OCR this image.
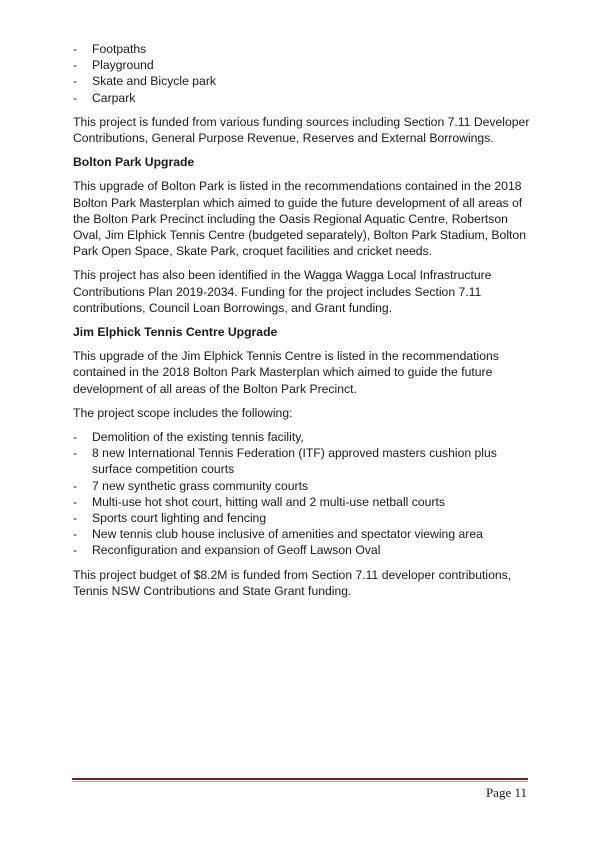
- Footpaths
- Playground
- Skate and Bicycle park
- Carpark

This project is funded from various funding sources including Section 7.11 Developer Contributions, General Purpose Revenue, Reserves and External Borrowings.

Bolton Park Upgrade

This upgrade of Bolton Park is listed in the recommendations contained in the 2018 Bolton Park Masterplan which aimed to guide the future development of all areas of the Bolton Park Precinct including the Oasis Regional Aquatic Centre, Robertson Oval, Jim Elphick Tennis Centre (budgeted separately), Bolton Park Stadium, Bolton Park Open Space, Skate Park, croquet facilities and cricket needs.

This project has also been identified in the Wagga Wagga Local Infrastructure Contributions Plan 2019-2034. Funding for the project includes Section 7.11 contributions, Council Loan Borrowings, and Grant funding.

Jim Elphick Tennis Centre Upgrade

This upgrade of the Jim Elphick Tennis Centre is listed in the recommendations contained in the 2018 Bolton Park Masterplan which aimed to guide the future development of all areas of the Bolton Park Precinct.

The project scope includes the following:

- Demolition of the existing tennis facility,
- 8 new International Tennis Federation (ITF) approved masters cushion plus surface competition courts
- 7 new synthetic grass community courts
- Multi-use hot shot court, hitting wall and 2 multi-use netball courts
- Sports court lighting and fencing
- New tennis club house inclusive of amenities and spectator viewing area
- Reconfiguration and expansion of Geoff Lawson Oval

This project budget of $8.2M is funded from Section 7.11 developer contributions, Tennis NSW Contributions and State Grant funding.

Page 11
